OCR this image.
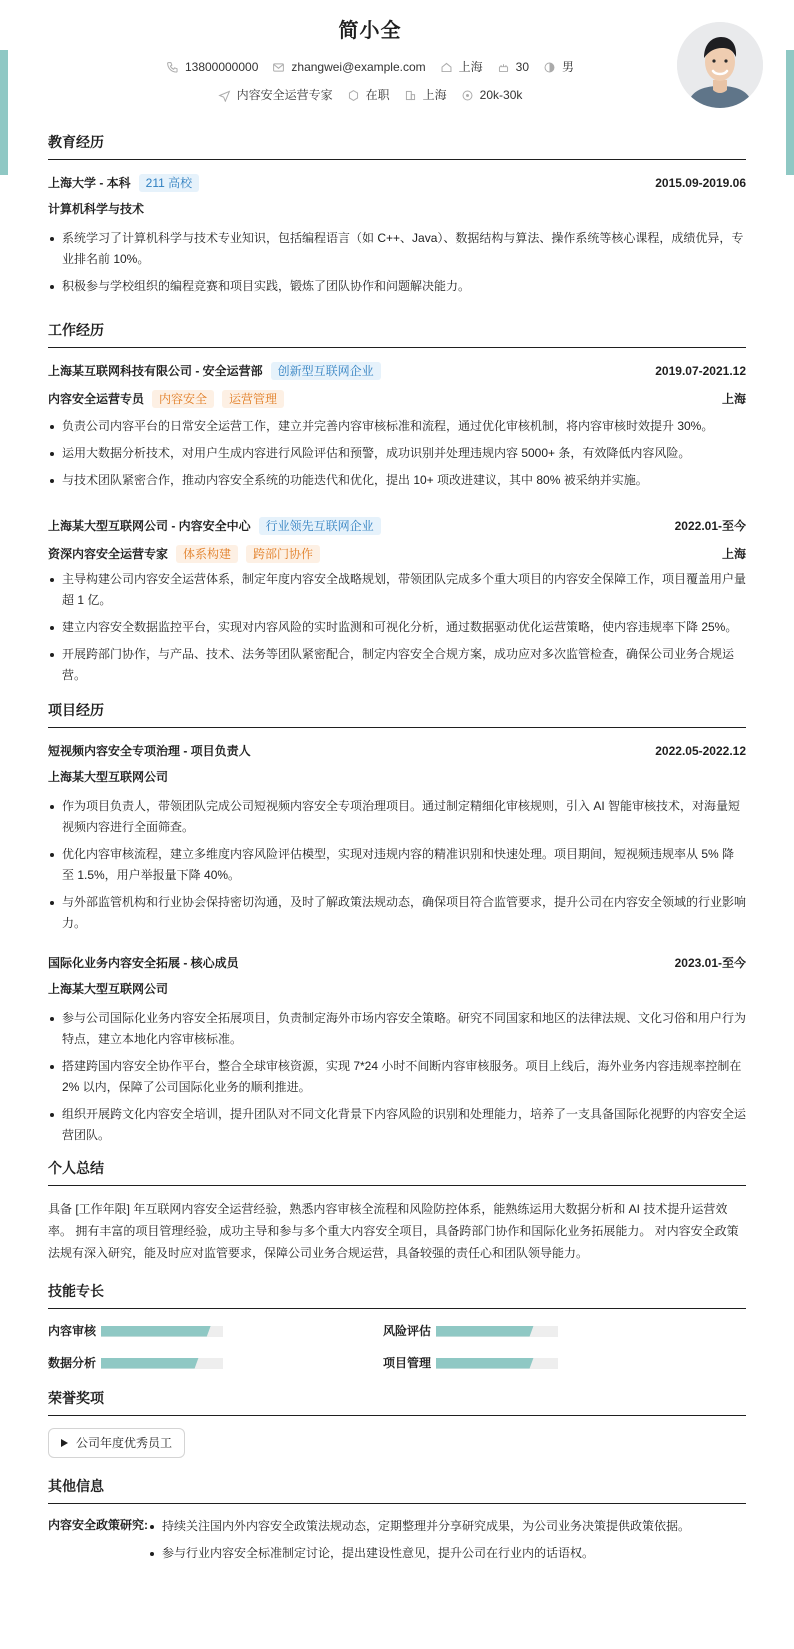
简小全
13800000000	zhangwei@example.com	上海	30	男
内容安全运营专家	在职	上海	20k-30k
教育经历
上海大学 - 本科	211 高校	2015.09-2019.06
计算机科学与技术
系统学习了计算机科学与技术专业知识，包括编程语言（如 C++、Java）、数据结构与算法、操作系统等核心课程，成绩优异，专业排名前 10%。
积极参与学校组织的编程竞赛和项目实践，锻炼了团队协作和问题解决能力。
工作经历
上海某互联网科技有限公司 - 安全运营部	创新型互联网企业	2019.07-2021.12
内容安全运营专员	内容安全	运营管理	上海
负责公司内容平台的日常安全运营工作，建立并完善内容审核标准和流程，通过优化审核机制，将内容审核时效提升 30%。
运用大数据分析技术，对用户生成内容进行风险评估和预警，成功识别并处理违规内容 5000+ 条，有效降低内容风险。
与技术团队紧密合作，推动内容安全系统的功能迭代和优化，提出 10+ 项改进建议，其中 80% 被采纳并实施。
上海某大型互联网公司 - 内容安全中心	行业领先互联网企业	2022.01-至今
资深内容安全运营专家	体系构建	跨部门协作	上海
主导构建公司内容安全运营体系，制定年度内容安全战略规划，带领团队完成多个重大项目的内容安全保障工作，项目覆盖用户量超 1 亿。
建立内容安全数据监控平台，实现对内容风险的实时监测和可视化分析，通过数据驱动优化运营策略，使内容违规率下降 25%。
开展跨部门协作，与产品、技术、法务等团队紧密配合，制定内容安全合规方案，成功应对多次监管检查，确保公司业务合规运营。
项目经历
短视频内容安全专项治理 - 项目负责人	2022.05-2022.12
上海某大型互联网公司
作为项目负责人，带领团队完成公司短视频内容安全专项治理项目。通过制定精细化审核规则，引入 AI 智能审核技术，对海量短视频内容进行全面筛查。
优化内容审核流程，建立多维度内容风险评估模型，实现对违规内容的精准识别和快速处理。项目期间，短视频违规率从 5% 降至 1.5%，用户举报量下降 40%。
与外部监管机构和行业协会保持密切沟通，及时了解政策法规动态，确保项目符合监管要求，提升公司在内容安全领域的行业影响力。
国际化业务内容安全拓展 - 核心成员	2023.01-至今
上海某大型互联网公司
参与公司国际化业务内容安全拓展项目，负责制定海外市场内容安全策略。研究不同国家和地区的法律法规、文化习俗和用户行为特点，建立本地化内容审核标准。
搭建跨国内容安全协作平台，整合全球审核资源，实现 7*24 小时不间断内容审核服务。项目上线后，海外业务内容违规率控制在 2% 以内，保障了公司国际化业务的顺利推进。
组织开展跨文化内容安全培训，提升团队对不同文化背景下内容风险的识别和处理能力，培养了一支具备国际化视野的内容安全运营团队。
个人总结

具备 [工作年限] 年互联网内容安全运营经验，熟悉内容审核全流程和风险防控体系，能熟练运用大数据分析和 AI 技术提升运营效率。 拥有丰富的项目管理经验，成功主导和参与多个重大内容安全项目，具备跨部门协作和国际化业务拓展能力。 对内容安全政策法规有深入研究，能及时应对监管要求，保障公司业务合规运营，具备较强的责任心和团队领导能力。

技能专长
内容审核	风险评估
数据分析	项目管理
荣誉奖项
公司年度优秀员工
其他信息
内容安全政策研究:	持续关注国内外内容安全政策法规动态，定期整理并分享研究成果，为公司业务决策提供政策依据。
参与行业内容安全标准制定讨论，提出建设性意见，提升公司在行业内的话语权。
